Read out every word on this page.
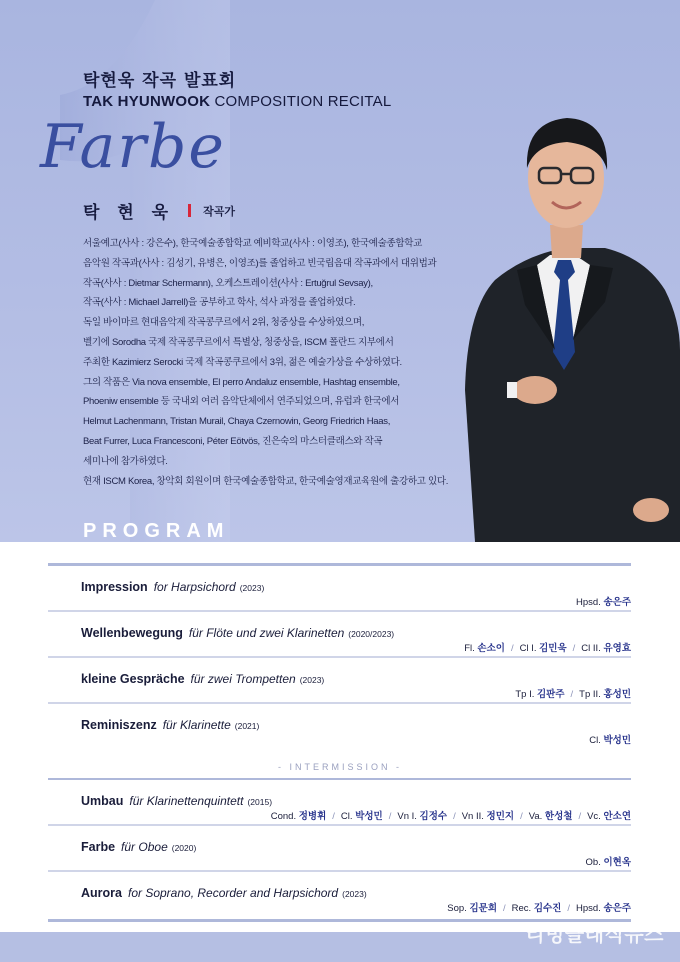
탁현욱 작곡 발표회
TAK HYUNWOOK COMPOSITION RECITAL
Farbe
탁 현 욱	작곡가
서울예고(사사 : 강은수), 한국예술종합학교 예비학교(사사 : 이영조), 한국예술종합학교
음악원 작곡과(사사 : 김성기, 유병은, 이영조)를 졸업하고 빈국립음대 작곡과에서 대위법과
작곡(사사 : Dietmar Schermann), 오케스트레이션(사사 : Ertuğrul Sevsay),
작곡(사사 : Michael Jarrell)을 공부하고 학사, 석사 과정을 졸업하였다.
독일 바이마르 현대음악제 작곡콩쿠르에서 2위, 청중상을 수상하였으며,
벨기에 Sorodha 국제 작곡콩쿠르에서 특별상, 청중상을, ISCM 폴란드 지부에서
주최한 Kazimierz Serocki 국제 작곡콩쿠르에서 3위, 젊은 예술가상을 수상하였다.
그의 작품은 Via nova ensemble, El perro Andaluz ensemble, Hashtag ensemble,
Phoeniw ensemble 등 국내외 여러 음악단체에서 연주되었으며, 유럽과 한국에서
Helmut Lachenmann, Tristan Murail, Chaya Czernowin, Georg Friedrich Haas,
Beat Furrer, Luca Francesconi, Péter Eötvös, 진은숙의 마스터클래스와 작곡
세미나에 참가하였다.
현재 ISCM Korea, 창악회 회원이며 한국예술종합학교, 한국예술영재교육원에 출강하고 있다.
PROGRAM
Impression for Harpsichord (2023)
Hpsd. 송은주
Wellenbewegung für Flöte und zwei Klarinetten (2020/2023)
Fl. 손소이 / Cl I. 김민욱 / Cl II. 유영효
kleine Gespräche für zwei Trompetten (2023)
Tp I. 김판주 / Tp II. 홍성민
Reminiszenz für Klarinette (2021)
Cl. 박성민
- INTERMISSION -
Umbau für Klarinettenquintett (2015)
Cond. 정병휘 / Cl. 박성민 / Vn I. 김정수 / Vn II. 정민지 / Va. 한성철 / Vc. 안소연
Farbe für Oboe (2020)
Ob. 이현옥
Aurora for Soprano, Recorder and Harpsichord (2023)
Sop. 김문희 / Rec. 김수진 / Hpsd. 송은주
리빙클래식뉴스
